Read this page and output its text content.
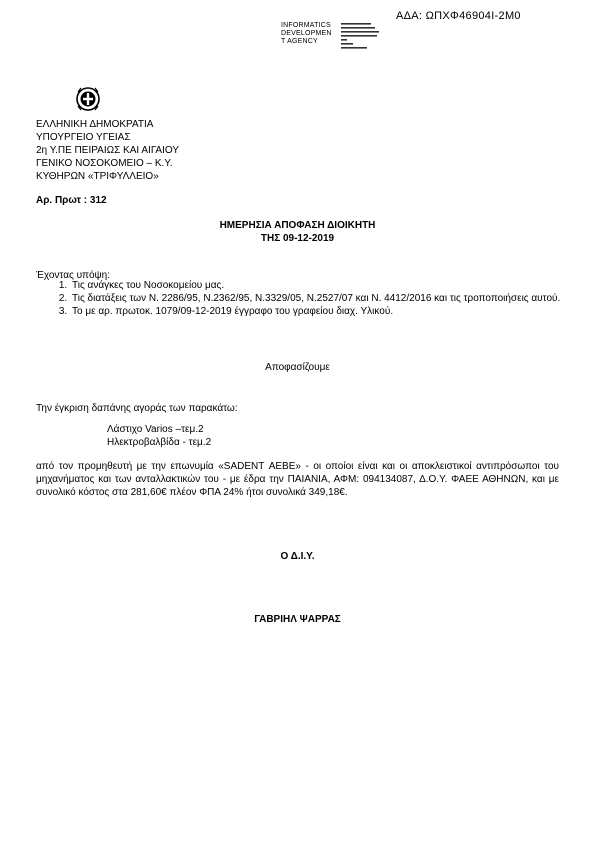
ΑΔΑ: ΩΠΧΦ46904Ι-2Μ0
INFORMATICS
DEVELOPMEN
T AGENCY
ΕΛΛΗΝΙΚΗ ΔΗΜΟΚΡΑΤΙΑ
ΥΠΟΥΡΓΕΙΟ ΥΓΕΙΑΣ
2η Υ.ΠΕ ΠΕΙΡΑΙΩΣ ΚΑΙ ΑΙΓΑΙΟΥ
ΓΕΝΙΚΟ ΝΟΣΟΚΟΜΕΙΟ – Κ.Υ.
ΚΥΘΗΡΩΝ «ΤΡΙΦΥΛΛΕΙΟ»
Αρ. Πρωτ : 312
ΗΜΕΡΗΣΙΑ ΑΠΟΦΑΣΗ ΔΙΟΙΚΗΤΗ
ΤΗΣ 09-12-2019
Έχοντας υπόψη:
1. Τις ανάγκες του Νοσοκομείου μας.
2. Τις διατάξεις των Ν. 2286/95, Ν.2362/95, Ν.3329/05, Ν.2527/07 και Ν. 4412/2016 και τις τροποποιήσεις αυτού.
3. Το με αρ. πρωτοκ. 1079/09-12-2019 έγγραφο του γραφείου διαχ. Υλικού.
Αποφασίζουμε
Την έγκριση δαπάνης αγοράς των παρακάτω:
Λάστιχο Varios –τεμ.2
Ηλεκτροβαλβίδα - τεμ.2
από τον προμηθευτή με την επωνυμία «SADENT ΑΕΒΕ» - οι οποίοι είναι και οι αποκλειστικοί αντιπρόσωποι του μηχανήματος και των ανταλλακτικών του - με έδρα την ΠΑΙΑΝΙΑ, ΑΦΜ: 094134087, Δ.Ο.Υ. ΦΑΕΕ ΑΘΗΝΩΝ, και με συνολικό κόστος στα 281,60€ πλέον ΦΠΑ 24% ήτοι συνολικά 349,18€.
Ο Δ.Ι.Υ.
ΓΑΒΡΙΗΛ ΨΑΡΡΑΣ
